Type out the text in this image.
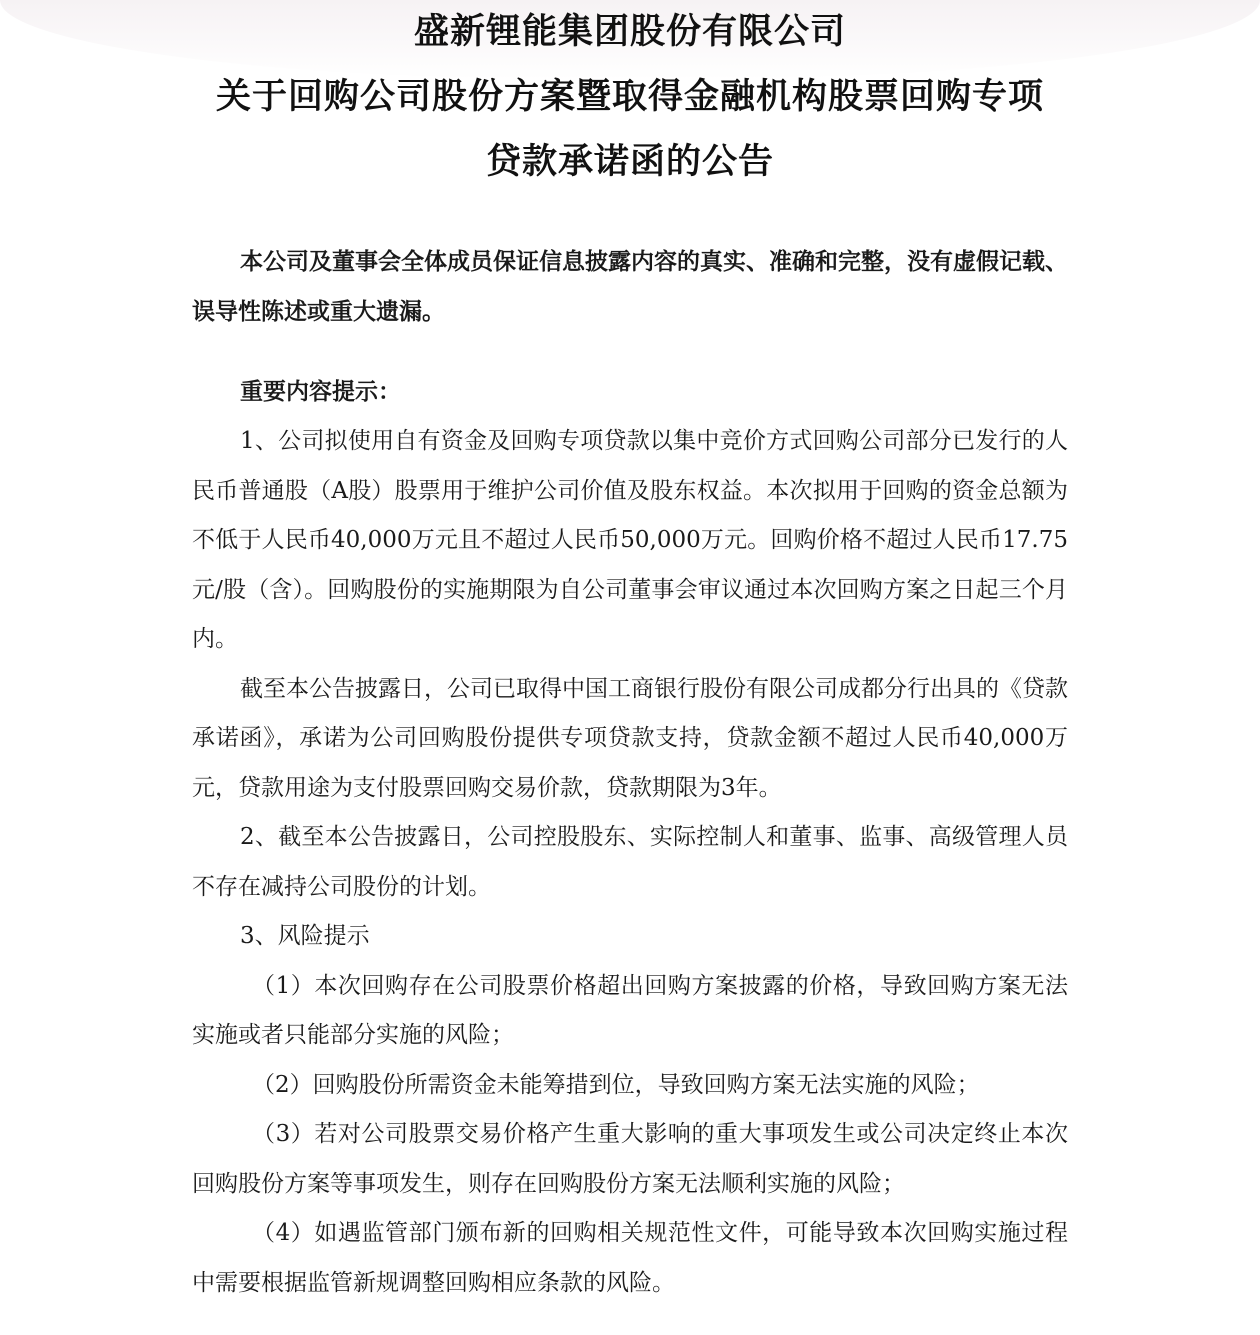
盛新锂能集团股份有限公司
关于回购公司股份方案暨取得金融机构股票回购专项
贷款承诺函的公告

本公司及董事会全体成员保证信息披露内容的真实、准确和完整，没有虚假记载、误导性陈述或重大遗漏。

重要内容提示：

1、公司拟使用自有资金及回购专项贷款以集中竞价方式回购公司部分已发行的人民币普通股（A股）股票用于维护公司价值及股东权益。本次拟用于回购的资金总额为不低于人民币40,000万元且不超过人民币50,000万元。回购价格不超过人民币17.75元/股（含）。回购股份的实施期限为自公司董事会审议通过本次回购方案之日起三个月内。

截至本公告披露日，公司已取得中国工商银行股份有限公司成都分行出具的《贷款承诺函》，承诺为公司回购股份提供专项贷款支持，贷款金额不超过人民币40,000万元，贷款用途为支付股票回购交易价款，贷款期限为3年。

2、截至本公告披露日，公司控股股东、实际控制人和董事、监事、高级管理人员不存在减持公司股份的计划。

3、风险提示

（1）本次回购存在公司股票价格超出回购方案披露的价格，导致回购方案无法实施或者只能部分实施的风险；

（2）回购股份所需资金未能筹措到位，导致回购方案无法实施的风险；

（3）若对公司股票交易价格产生重大影响的重大事项发生或公司决定终止本次回购股份方案等事项发生，则存在回购股份方案无法顺利实施的风险；

（4）如遇监管部门颁布新的回购相关规范性文件，可能导致本次回购实施过程中需要根据监管新规调整回购相应条款的风险。
